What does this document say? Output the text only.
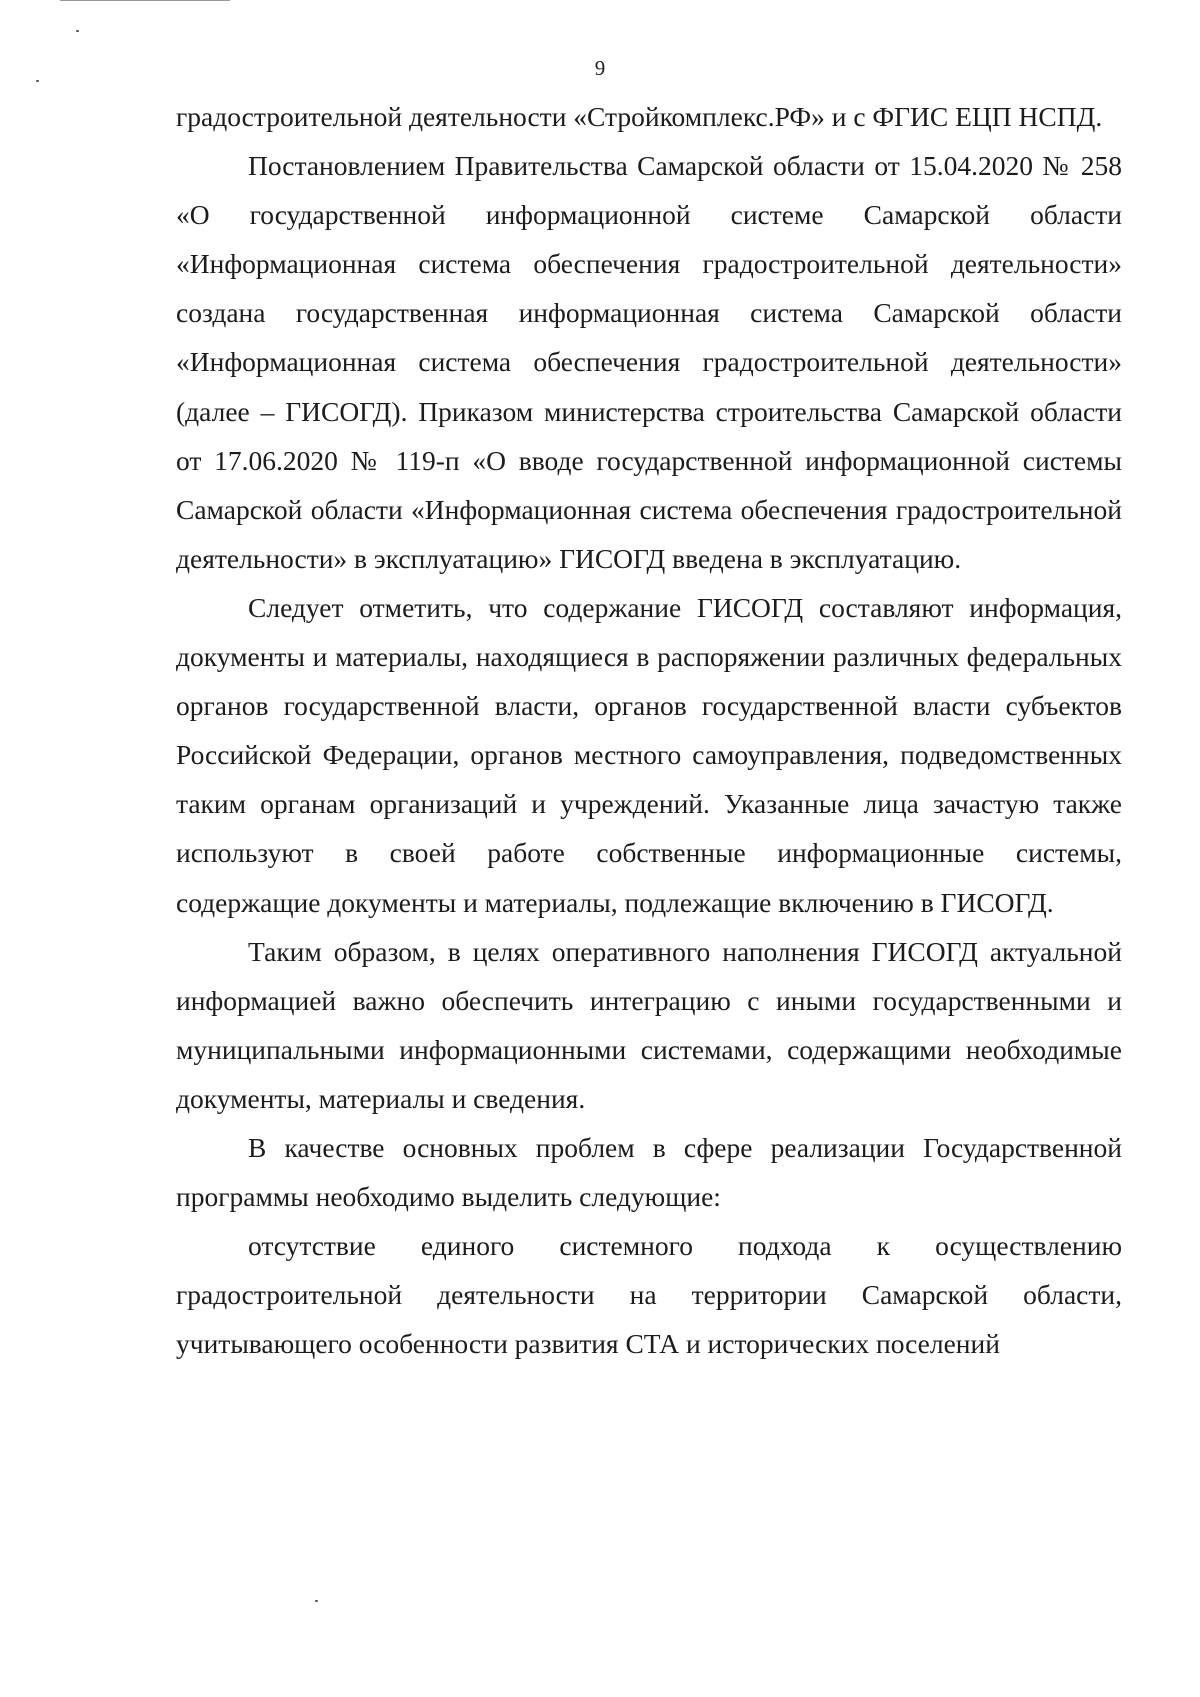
9

градостроительной деятельности «Стройкомплекс.РФ» и с ФГИС ЕЦП НСПД.

Постановлением Правительства Самарской области от 15.04.2020 № 258 «О государственной информационной системе Самарской области «Информационная система обеспечения градостроительной деятельности» создана государственная информационная система Самарской области «Информационная система обеспечения градостроительной деятельности» (далее – ГИСОГД). Приказом министерства строительства Самарской области от 17.06.2020 № 119-п «О вводе государственной информационной системы Самарской области «Информационная система обеспечения градостроительной деятельности» в эксплуатацию» ГИСОГД введена в эксплуатацию.

Следует отметить, что содержание ГИСОГД составляют информация, документы и материалы, находящиеся в распоряжении различных федеральных органов государственной власти, органов государственной власти субъектов Российской Федерации, органов местного самоуправления, подведомственных таким органам организаций и учреждений. Указанные лица зачастую также используют в своей работе собственные информационные системы, содержащие документы и материалы, подлежащие включению в ГИСОГД.

Таким образом, в целях оперативного наполнения ГИСОГД актуальной информацией важно обеспечить интеграцию с иными государственными и муниципальными информационными системами, содержащими необходимые документы, материалы и сведения.

В качестве основных проблем в сфере реализации Государственной программы необходимо выделить следующие:

отсутствие единого системного подхода к осуществлению градостроительной деятельности на территории Самарской области, учитывающего особенности развития СТА и исторических поселений
